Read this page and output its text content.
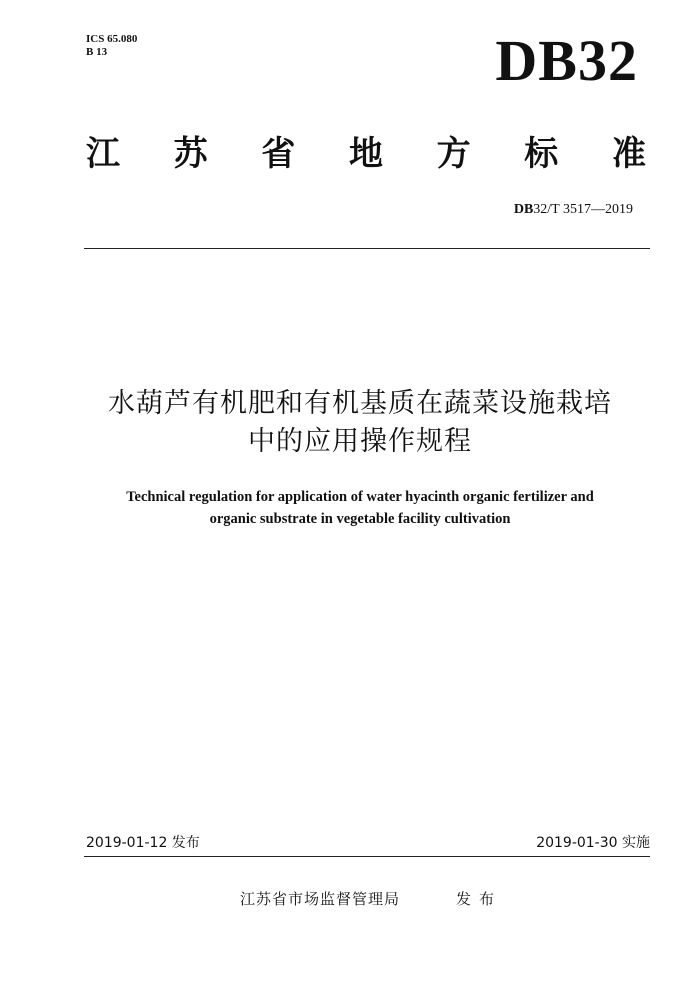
ICS 65.080
B 13	DB32
江 苏 省 地 方 标 准
DB32/T 3517—2019
水葫芦有机肥和有机基质在蔬菜设施栽培
中的应用操作规程
Technical regulation for application of water hyacinth organic fertilizer and
organic substrate in vegetable facility cultivation
2019-01-12 发布	2019-01-30 实施
江苏省市场监督管理局	发布
